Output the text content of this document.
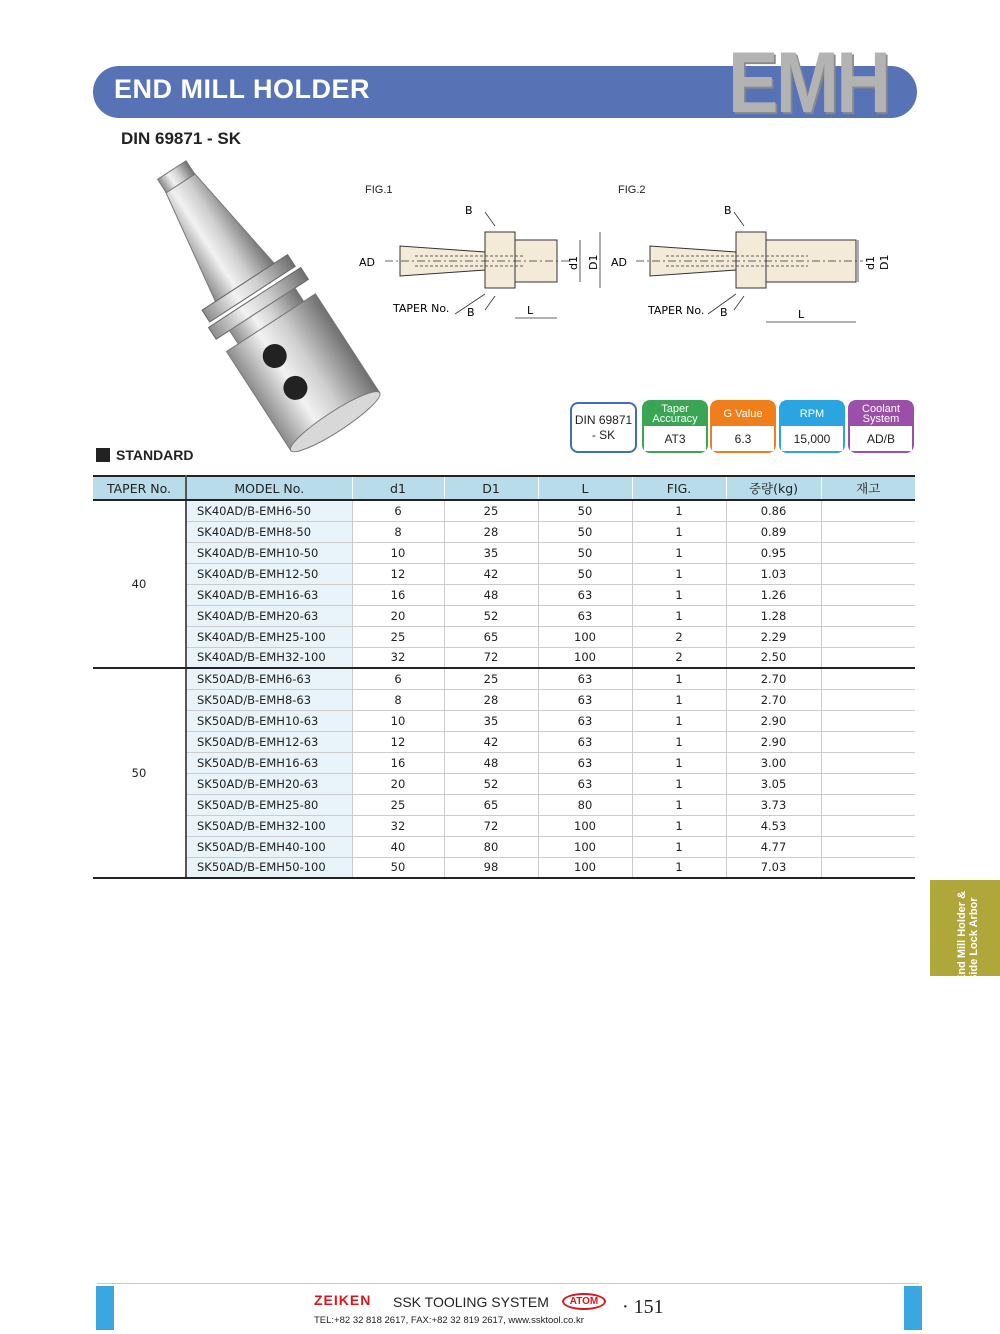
END MILL HOLDER	EMH
DIN 69871 - SK
B
B
AD
TAPER No.	L
d1 D1
FIG.1
B
B
AD
TAPER No.	L
d1 D1
FIG.2
DIN 69871
- SK
Taper
Accuracy
AT3
G Value
6.3
RPM
15,000
Coolant
System
AD/B
STANDARD
TAPER No.	MODEL No.	d1	D1	L	FIG.	중량(kg)	재고
40	SK40AD/B-EMH6-50	6	25	50	1	0.86	
	SK40AD/B-EMH8-50	8	28	50	1	0.89	
	SK40AD/B-EMH10-50	10	35	50	1	0.95	
	SK40AD/B-EMH12-50	12	42	50	1	1.03	
	SK40AD/B-EMH16-63	16	48	63	1	1.26	
	SK40AD/B-EMH20-63	20	52	63	1	1.28	
	SK40AD/B-EMH25-100	25	65	100	2	2.29	
	SK40AD/B-EMH32-100	32	72	100	2	2.50	
50	SK50AD/B-EMH6-63	6	25	63	1	2.70	
	SK50AD/B-EMH8-63	8	28	63	1	2.70	
	SK50AD/B-EMH10-63	10	35	63	1	2.90	
	SK50AD/B-EMH12-63	12	42	63	1	2.90	
	SK50AD/B-EMH16-63	16	48	63	1	3.00	
	SK50AD/B-EMH20-63	20	52	63	1	3.05	
	SK50AD/B-EMH25-80	25	65	80	1	3.73	
	SK50AD/B-EMH32-100	32	72	100	1	4.53	
	SK50AD/B-EMH40-100	40	80	100	1	4.77	
	SK50AD/B-EMH50-100	50	98	100	1	7.03	
End Mill Holder & Side Lock Arbor
ZEIKEN SSK TOOLING SYSTEM	ATOM	· 151
TEL:+82 32 818 2617, FAX:+82 32 819 2617, www.ssktool.co.kr
